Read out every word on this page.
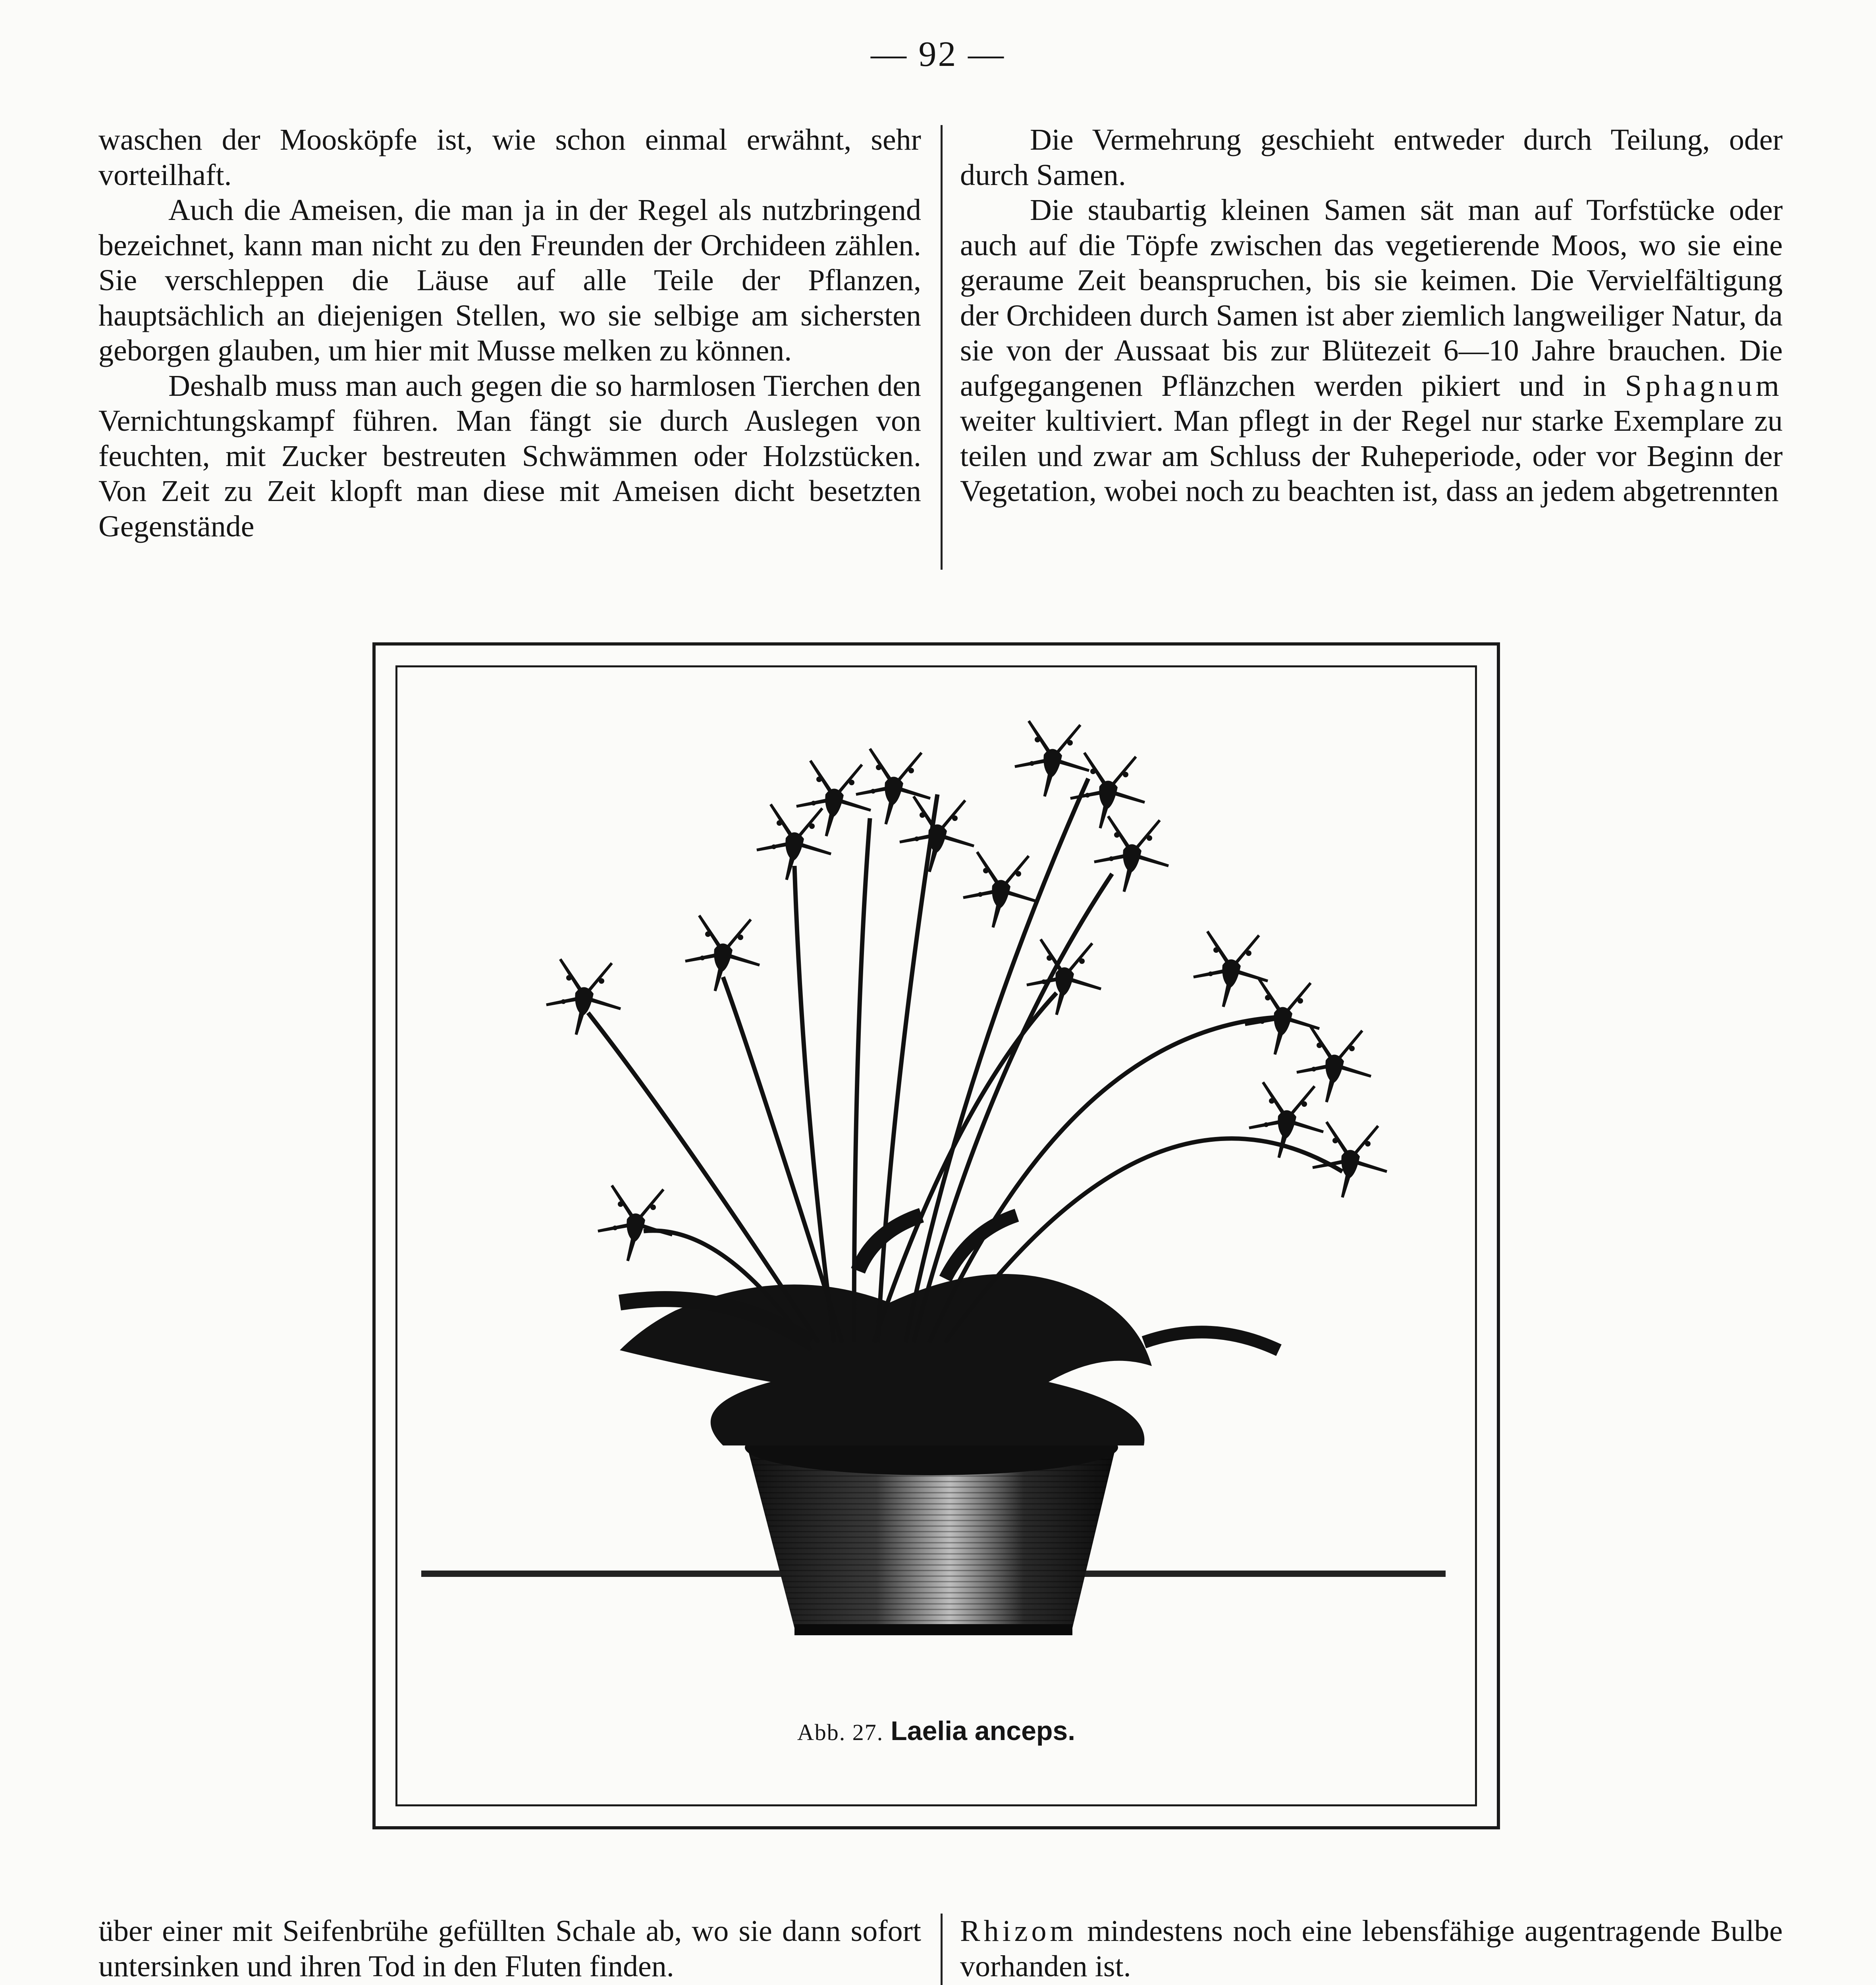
— 92 —

waschen der Mooskӧpfe ist, wie schon einmal erwähnt, sehr vorteilhaft.

Auch die Ameisen, die man ja in der Regel als nutzbringend bezeichnet, kann man nicht zu den Freunden der Orchideen zählen. Sie verschleppen die Läuse auf alle Teile der Pflanzen, hauptsächlich an diejenigen Stellen, wo sie selbige am sichersten geborgen glauben, um hier mit Musse melken zu können.

Deshalb muss man auch gegen die so harmlosen Tierchen den Vernichtungskampf führen. Man fängt sie durch Auslegen von feuchten, mit Zucker bestreuten Schwämmen oder Holzstücken. Von Zeit zu Zeit klopft man diese mit Ameisen dicht besetzten Gegenstände

Die Vermehrung geschieht entweder durch Teilung, oder durch Samen.

Die staubartig kleinen Samen sät man auf Torfstücke oder auch auf die Töpfe zwischen das vegetierende Moos, wo sie eine geraume Zeit beanspruchen, bis sie keimen. Die Vervielfältigung der Orchideen durch Samen ist aber ziemlich langweiliger Natur, da sie von der Aussaat bis zur Blütezeit 6—10 Jahre brauchen. Die aufgegangenen Pflänzchen werden pikiert und in Sphagnum weiter kultiviert. Man pflegt in der Regel nur starke Exemplare zu teilen und zwar am Schluss der Ruheperiode, oder vor Beginn der Vegetation, wobei noch zu beachten ist, dass an jedem abgetrennten

Abb. 27. Laelia anceps.

über einer mit Seifenbrühe gefüllten Schale ab, wo sie dann sofort untersinken und ihren Tod in den Fluten finden.

Rhizom mindestens noch eine lebensfähige augentragende Bulbe vorhanden ist.
